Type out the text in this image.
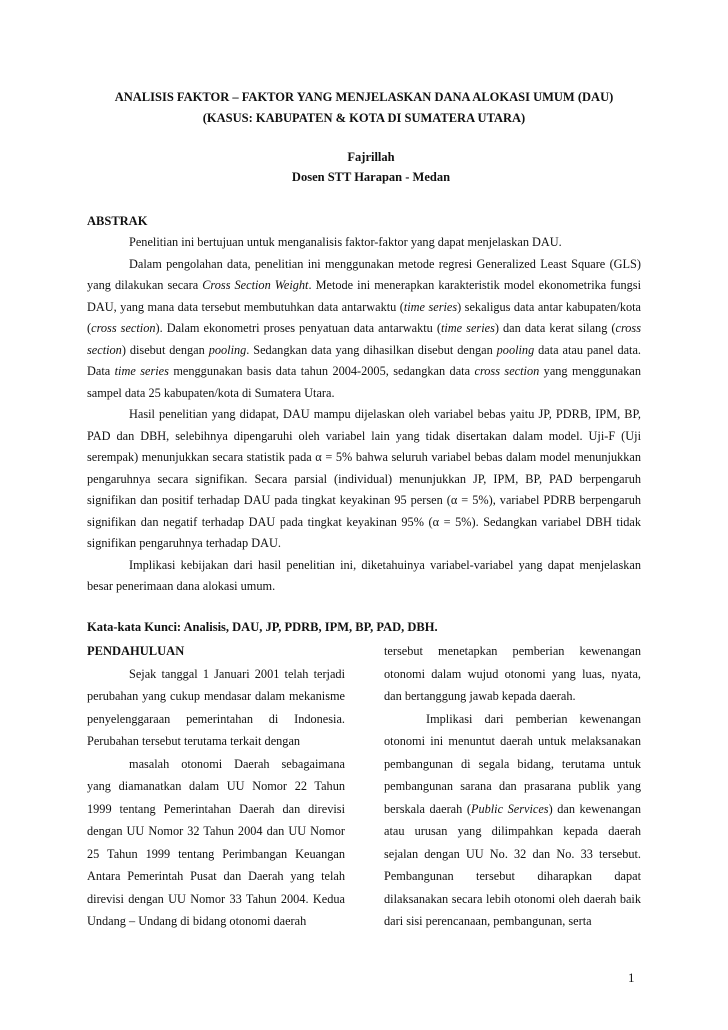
ANALISIS FAKTOR – FAKTOR YANG MENJELASKAN DANA ALOKASI UMUM (DAU)
(KASUS: KABUPATEN & KOTA DI SUMATERA UTARA)
Fajrillah
Dosen STT Harapan - Medan
ABSTRAK

Penelitian ini bertujuan untuk menganalisis faktor-faktor yang dapat menjelaskan DAU.

Dalam pengolahan data, penelitian ini menggunakan metode regresi Generalized Least Square (GLS) yang dilakukan secara Cross Section Weight. Metode ini menerapkan karakteristik model ekonometrika fungsi DAU, yang mana data tersebut membutuhkan data antarwaktu (time series) sekaligus data antar kabupaten/kota (cross section). Dalam ekonometri proses penyatuan data antarwaktu (time series) dan data kerat silang (cross section) disebut dengan pooling. Sedangkan data yang dihasilkan disebut dengan pooling data atau panel data. Data time series menggunakan basis data tahun 2004-2005, sedangkan data cross section yang menggunakan sampel data 25 kabupaten/kota di Sumatera Utara.

Hasil penelitian yang didapat, DAU mampu dijelaskan oleh variabel bebas yaitu JP, PDRB, IPM, BP, PAD dan DBH, selebihnya dipengaruhi oleh variabel lain yang tidak disertakan dalam model. Uji-F (Uji serempak) menunjukkan secara statistik pada α = 5% bahwa seluruh variabel bebas dalam model menunjukkan pengaruhnya secara signifikan. Secara parsial (individual) menunjukkan JP, IPM, BP, PAD berpengaruh signifikan dan positif terhadap DAU pada tingkat keyakinan 95 persen (α = 5%), variabel PDRB berpengaruh signifikan dan negatif terhadap DAU pada tingkat keyakinan 95% (α = 5%). Sedangkan variabel DBH tidak signifikan pengaruhnya terhadap DAU.

Implikasi kebijakan dari hasil penelitian ini, diketahuinya variabel-variabel yang dapat menjelaskan besar penerimaan dana alokasi umum.

Kata-kata Kunci: Analisis, DAU, JP, PDRB, IPM, BP, PAD, DBH.
PENDAHULUAN

Sejak tanggal 1 Januari 2001 telah terjadi perubahan yang cukup mendasar dalam mekanisme penyelenggaraan pemerintahan di Indonesia. Perubahan tersebut terutama terkait dengan

masalah otonomi Daerah sebagaimana yang diamanatkan dalam UU Nomor 22 Tahun 1999 tentang Pemerintahan Daerah dan direvisi dengan UU Nomor 32 Tahun 2004 dan UU Nomor 25 Tahun 1999 tentang Perimbangan Keuangan Antara Pemerintah Pusat dan Daerah yang telah direvisi dengan UU Nomor 33 Tahun 2004. Kedua Undang – Undang di bidang otonomi daerah

tersebut menetapkan pemberian kewenangan otonomi dalam wujud otonomi yang luas, nyata, dan bertanggung jawab kepada daerah.

Implikasi dari pemberian kewenangan otonomi ini menuntut daerah untuk melaksanakan pembangunan di segala bidang, terutama untuk pembangunan sarana dan prasarana publik yang berskala daerah (Public Services) dan kewenangan atau urusan yang dilimpahkan kepada daerah sejalan dengan UU No. 32 dan No. 33 tersebut. Pembangunan tersebut diharapkan dapat dilaksanakan secara lebih otonomi oleh daerah baik dari sisi perencanaan, pembangunan, serta

1
